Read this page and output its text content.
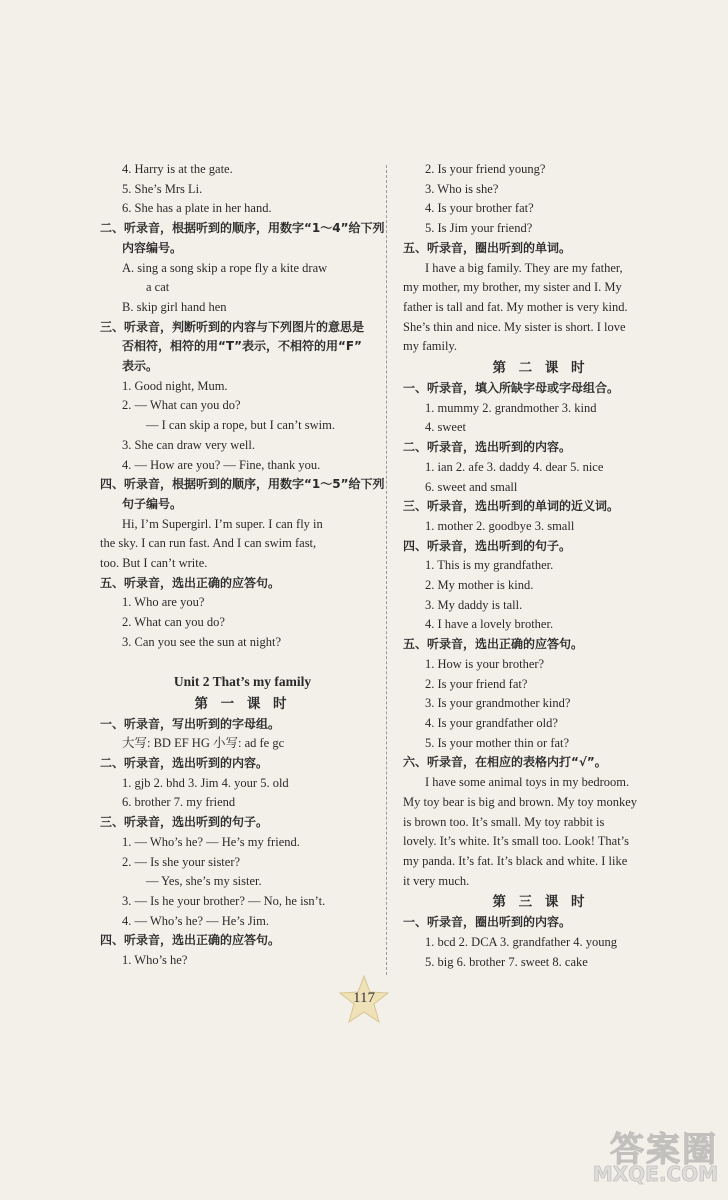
4. Harry is at the gate.
5. She’s Mrs Li.
6. She has a plate in her hand.
二、听录音，根据听到的顺序，用数字“1～4”给下列
内容编号。
A. sing a song skip a rope fly a kite draw
a cat
B. skip girl hand hen
三、听录音，判断听到的内容与下列图片的意思是
否相符，相符的用“T”表示，不相符的用“F”
表示。
1. Good night, Mum.
2. — What can you do?
— I can skip a rope, but I can’t swim.
3. She can draw very well.
4. — How are you? — Fine, thank you.
四、听录音，根据听到的顺序，用数字“1～5”给下列
句子编号。
Hi, I’m Supergirl. I’m super. I can fly in
the sky. I can run fast. And I can swim fast,
too. But I can’t write.
五、听录音，选出正确的应答句。
1. Who are you?
2. What can you do?
3. Can you see the sun at night?
Unit 2 That’s my family
第 一 课 时
一、听录音，写出听到的字母组。
大写: BD EF HG 小写: ad fe gc
二、听录音，选出听到的内容。
1. gjb 2. bhd 3. Jim 4. your 5. old
6. brother 7. my friend
三、听录音，选出听到的句子。
1. — Who’s he? — He’s my friend.
2. — Is she your sister?
— Yes, she’s my sister.
3. — Is he your brother? — No, he isn’t.
4. — Who’s he? — He’s Jim.
四、听录音，选出正确的应答句。
1. Who’s he?
2. Is your friend young?
3. Who is she?
4. Is your brother fat?
5. Is Jim your friend?
五、听录音，圈出听到的单词。
I have a big family. They are my father,
my mother, my brother, my sister and I. My
father is tall and fat. My mother is very kind.
She’s thin and nice. My sister is short. I love
my family.
第 二 课 时
一、听录音，填入所缺字母或字母组合。
1. mummy 2. grandmother 3. kind
4. sweet
二、听录音，选出听到的内容。
1. ian 2. afe 3. daddy 4. dear 5. nice
6. sweet and small
三、听录音，选出听到的单词的近义词。
1. mother 2. goodbye 3. small
四、听录音，选出听到的句子。
1. This is my grandfather.
2. My mother is kind.
3. My daddy is tall.
4. I have a lovely brother.
五、听录音，选出正确的应答句。
1. How is your brother?
2. Is your friend fat?
3. Is your grandmother kind?
4. Is your grandfather old?
5. Is your mother thin or fat?
六、听录音，在相应的表格内打“√”。
I have some animal toys in my bedroom.
My toy bear is big and brown. My toy monkey
is brown too. It’s small. My toy rabbit is
lovely. It’s white. It’s small too. Look! That’s
my panda. It’s fat. It’s black and white. I like
it very much.
第 三 课 时
一、听录音，圈出听到的内容。
1. bcd 2. DCA 3. grandfather 4. young
5. big 6. brother 7. sweet 8. cake
117
答案圈
MXQE.COM
